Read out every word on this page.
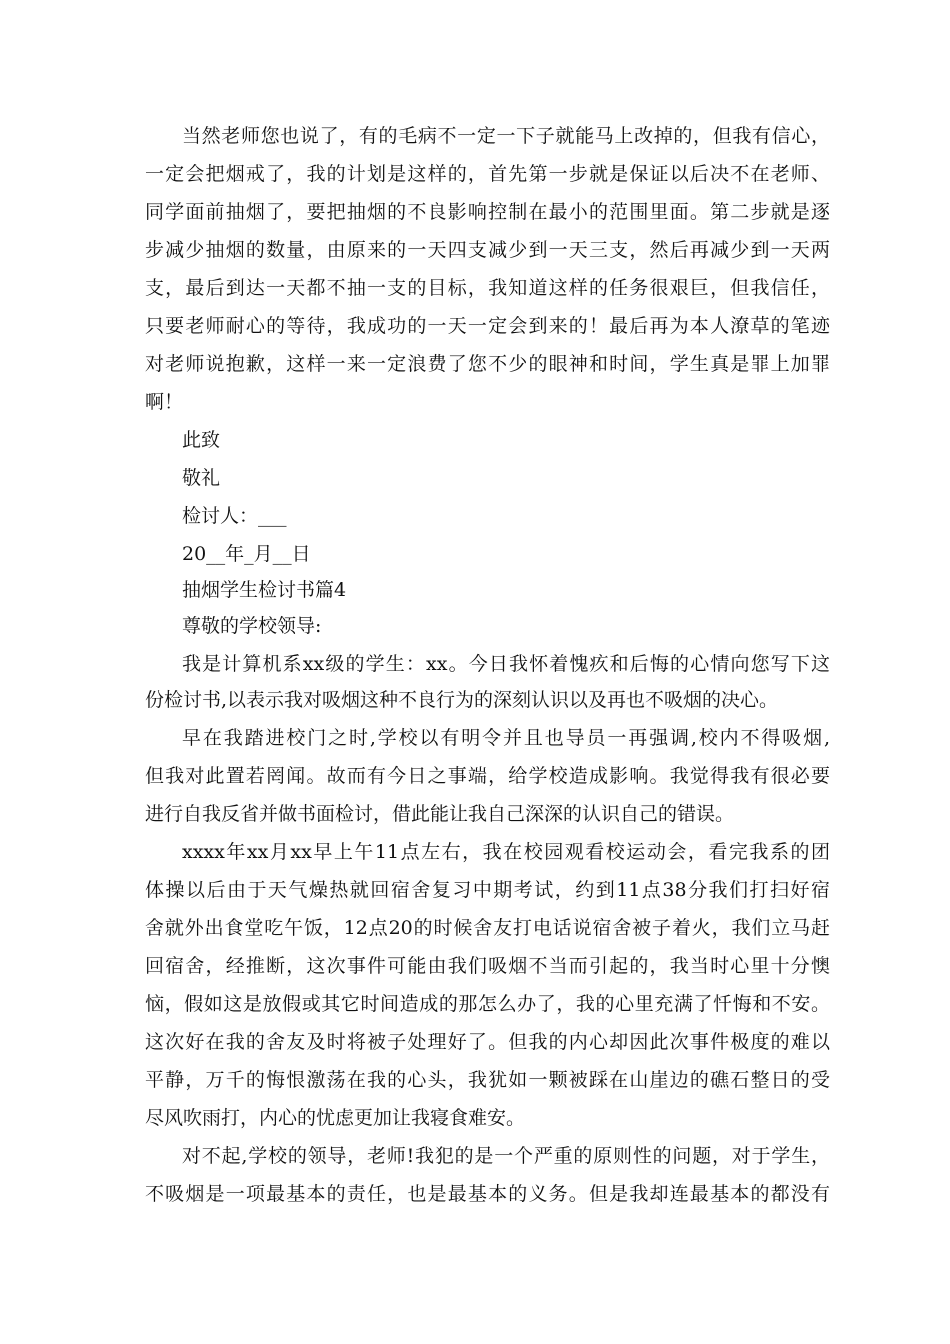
当然老师您也说了，有的毛病不一定一下子就能马上改掉的，但我有信心，

一定会把烟戒了，我的计划是这样的，首先第一步就是保证以后决不在老师、

同学面前抽烟了，要把抽烟的不良影响控制在最小的范围里面。第二步就是逐

步减少抽烟的数量，由原来的一天四支减少到一天三支，然后再减少到一天两

支，最后到达一天都不抽一支的目标，我知道这样的任务很艰巨，但我信任，

只要老师耐心的等待，我成功的一天一定会到来的！最后再为本人潦草的笔迹

对老师说抱歉，这样一来一定浪费了您不少的眼神和时间，学生真是罪上加罪

啊！

此致

敬礼

检讨人：___

20__年_月__日

抽烟学生检讨书篇4

尊敬的学校领导:

我是计算机系xx级的学生：xx。今日我怀着愧疚和后悔的心情向您写下这

份检讨书,以表示我对吸烟这种不良行为的深刻认识以及再也不吸烟的决心。

早在我踏进校门之时,学校以有明令并且也导员一再强调,校内不得吸烟,

但我对此置若罔闻。故而有今日之事端，给学校造成影响。我觉得我有很必要

进行自我反省并做书面检讨，借此能让我自己深深的认识自己的错误。

xxxx年xx月xx早上午11点左右，我在校园观看校运动会，看完我系的团

体操以后由于天气燥热就回宿舍复习中期考试，约到11点38分我们打扫好宿

舍就外出食堂吃午饭，12点20的时候舍友打电话说宿舍被子着火，我们立马赶

回宿舍，经推断，这次事件可能由我们吸烟不当而引起的，我当时心里十分懊

恼，假如这是放假或其它时间造成的那怎么办了，我的心里充满了忏悔和不安。

这次好在我的舍友及时将被子处理好了。但我的内心却因此次事件极度的难以

平静，万千的悔恨激荡在我的心头，我犹如一颗被踩在山崖边的礁石整日的受

尽风吹雨打，内心的忧虑更加让我寝食难安。

对不起,学校的领导，老师!我犯的是一个严重的原则性的问题，对于学生，

不吸烟是一项最基本的责任，也是最基本的义务。但是我却连最基本的都没有
